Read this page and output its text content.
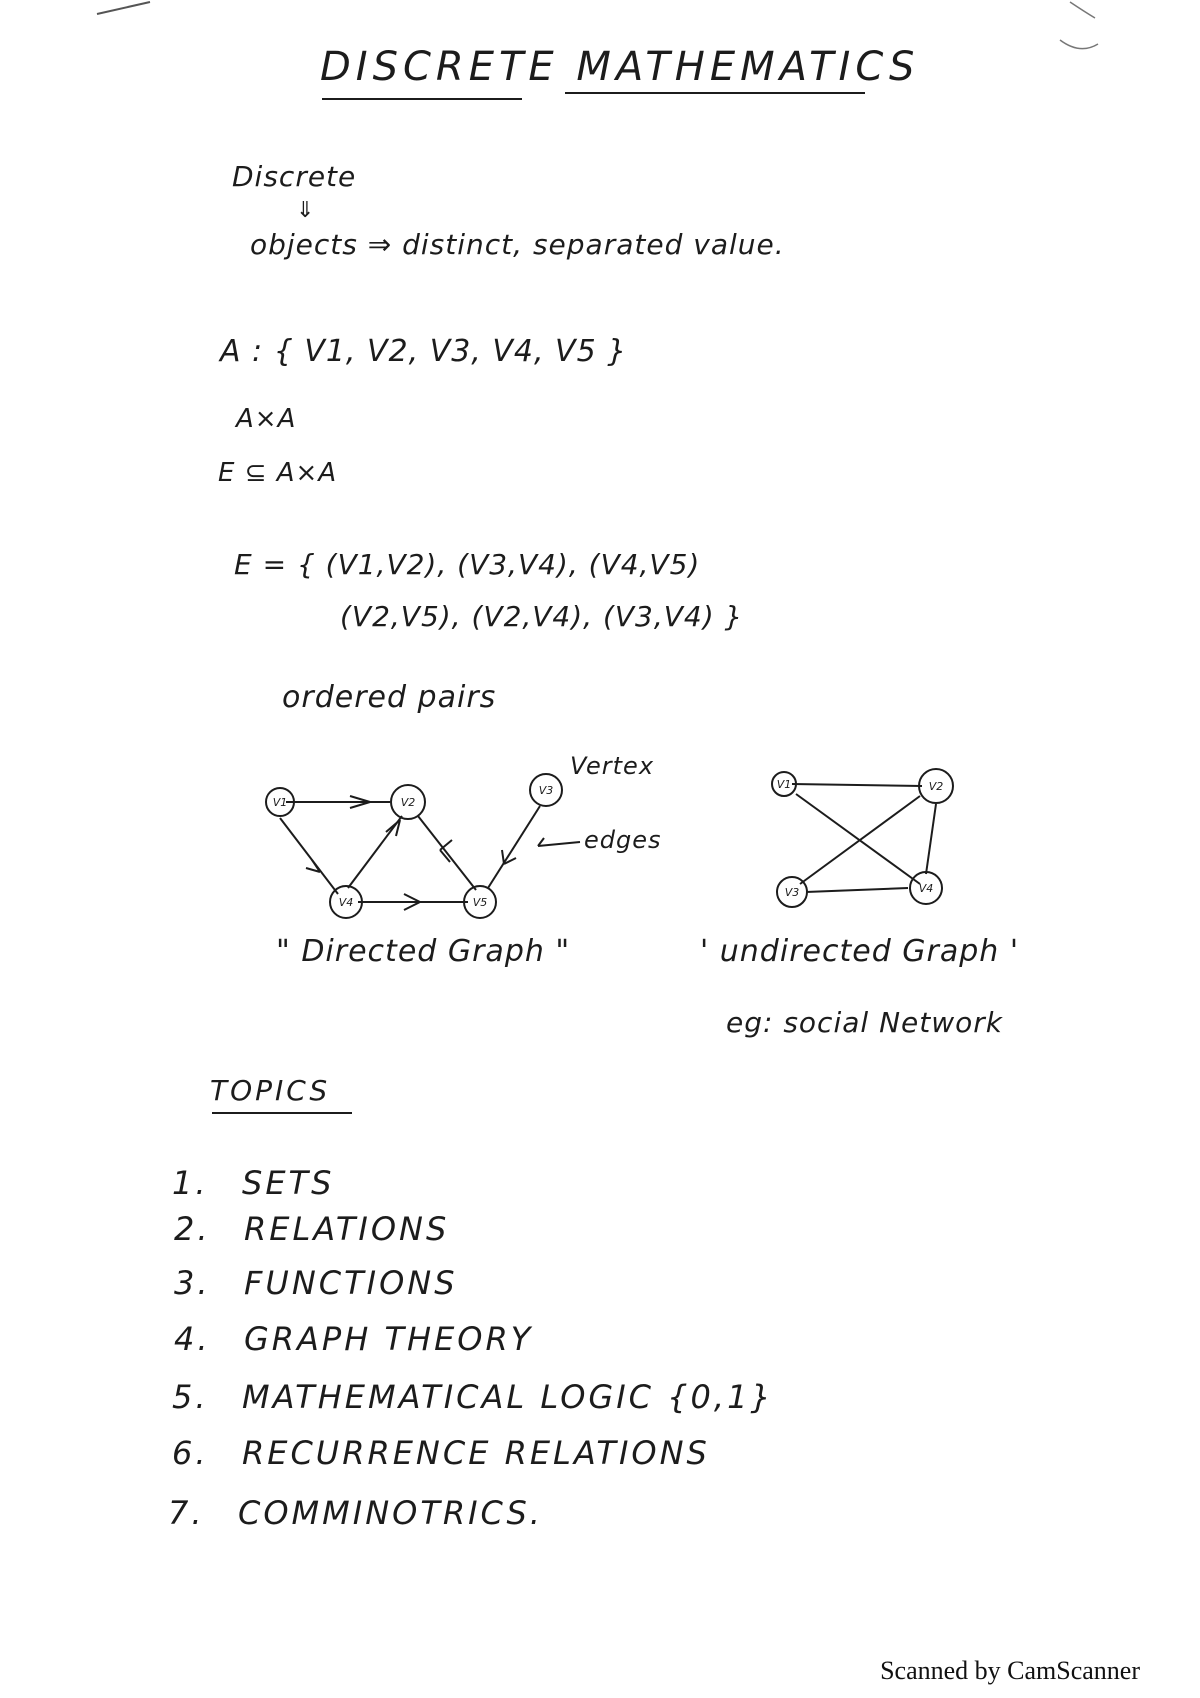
DISCRETE MATHEMATICS
Discrete
⇓
objects ⇒ distinct, separated value.
A : { V1, V2, V3, V4, V5 }
A×A
E ⊆ A×A
E = { (V1,V2), (V3,V4), (V4,V5)
(V2,V5), (V2,V4), (V3,V4) }
ordered pairs
V1	V2
V3
V4	V5
Vertex
edges
" Directed Graph "
V1	V2
V3	V4
' undirected Graph '
eg: social Network
TOPICS
1. SETS
2. RELATIONS
3. FUNCTIONS
4. GRAPH THEORY
5. MATHEMATICAL LOGIC {0,1}
6. RECURRENCE RELATIONS
7. COMMINOTRICS.
Scanned by CamScanner
